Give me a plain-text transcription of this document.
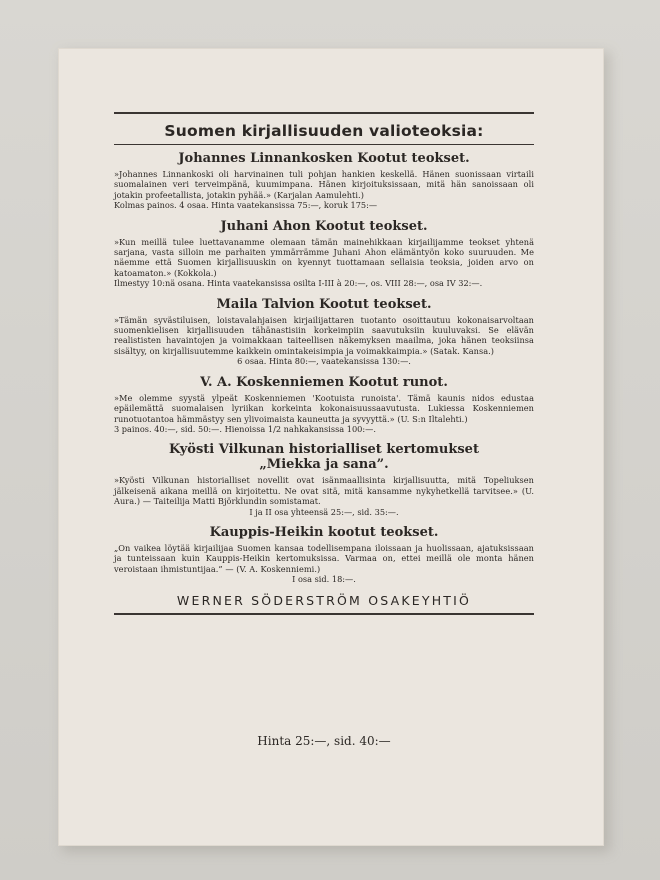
Suomen kirjallisuuden valioteoksia:
Johannes Linnankosken Kootut teokset.
»Johannes Linnankoski oli harvinainen tuli pohjan hankien keskellä. Hänen suonissaan virtaili suomalainen veri terveimpänä, kuumimpana. Hänen kirjoituksissaan, mitä hän sanoissaan oli jotakin profeetallista, jotakin pyhää.» (Karjalan Aamulehti.)
Kolmas painos. 4 osaa. Hinta vaatekansissa 75:—, koruk 175:—
Juhani Ahon Kootut teokset.
»Kun meillä tulee luettavanamme olemaan tämän mainehikkaan kirjailijamme teokset yhtenä sarjana, vasta silloin me parhaiten ymmärrämme Juhani Ahon elämäntyön koko suuruuden. Me näemme että Suomen kirjallisuuskin on kyennyt tuottamaan sellaisia teoksia, joiden arvo on katoamaton.» (Kokkola.)
Ilmestyy 10:nä osana. Hinta vaatekansissa osilta I-III à 20:—, os. VIII 28:—, osa IV 32:—.
Maila Talvion Kootut teokset.
»Tämän syvästiluisen, loistavalahjaisen kirjailijattaren tuotanto osoittautuu kokonaisarvoltaan suomenkielisen kirjallisuuden tähänastisiin korkeimpiin saavutuksiin kuuluvaksi. Se elävän realististen havaintojen ja voimakkaan taiteellisen näkemyksen maailma, joka hänen teoksiinsa sisältyy, on kirjallisuutemme kaikkein omintakeisimpia ja voimakkaimpia.» (Satak. Kansa.)
6 osaa. Hinta 80:—, vaatekansissa 130:—.
V. A. Koskenniemen Kootut runot.
»Me olemme syystä ylpeät Koskenniemen 'Kootuista runoista'. Tämä kaunis nidos edustaa epäilemättä suomalaisen lyriikan korkeinta kokonaisuussaavutusta. Lukiessa Koskenniemen runotuotantoa hämmästyy sen ylivoimaista kauneutta ja syvyyttä.» (U. S:n Iltalehti.)
3 painos. 40:—, sid. 50:—. Hienoissa 1/2 nahkakansissa 100:—.
Kyösti Vilkunan historialliset kertomukset
„Miekka ja sana”.
»Kyösti Vilkunan historialliset novellit ovat isänmaallisinta kirjallisuutta, mitä Topeliuksen jälkeisenä aikana meillä on kirjoitettu. Ne ovat sitä, mitä kansamme nykyhetkellä tarvitsee.» (U. Aura.) — Taiteilija Matti Björklundin somistamat.
I ja II osa yhteensä 25:—, sid. 35:—.
Kauppis-Heikin kootut teokset.
„On vaikea löytää kirjailijaa Suomen kansaa todellisempana iloissaan ja huolissaan, ajatuksissaan ja tunteissaan kuin Kauppis-Heikin kertomuksissa. Varmaa on, ettei meillä ole monta hänen veroistaan ihmistuntijaa.” — (V. A. Koskenniemi.)
I osa sid. 18:—.
WERNER SÖDERSTRÖM OSAKEYHTIÖ
Hinta 25:—, sid. 40:—
